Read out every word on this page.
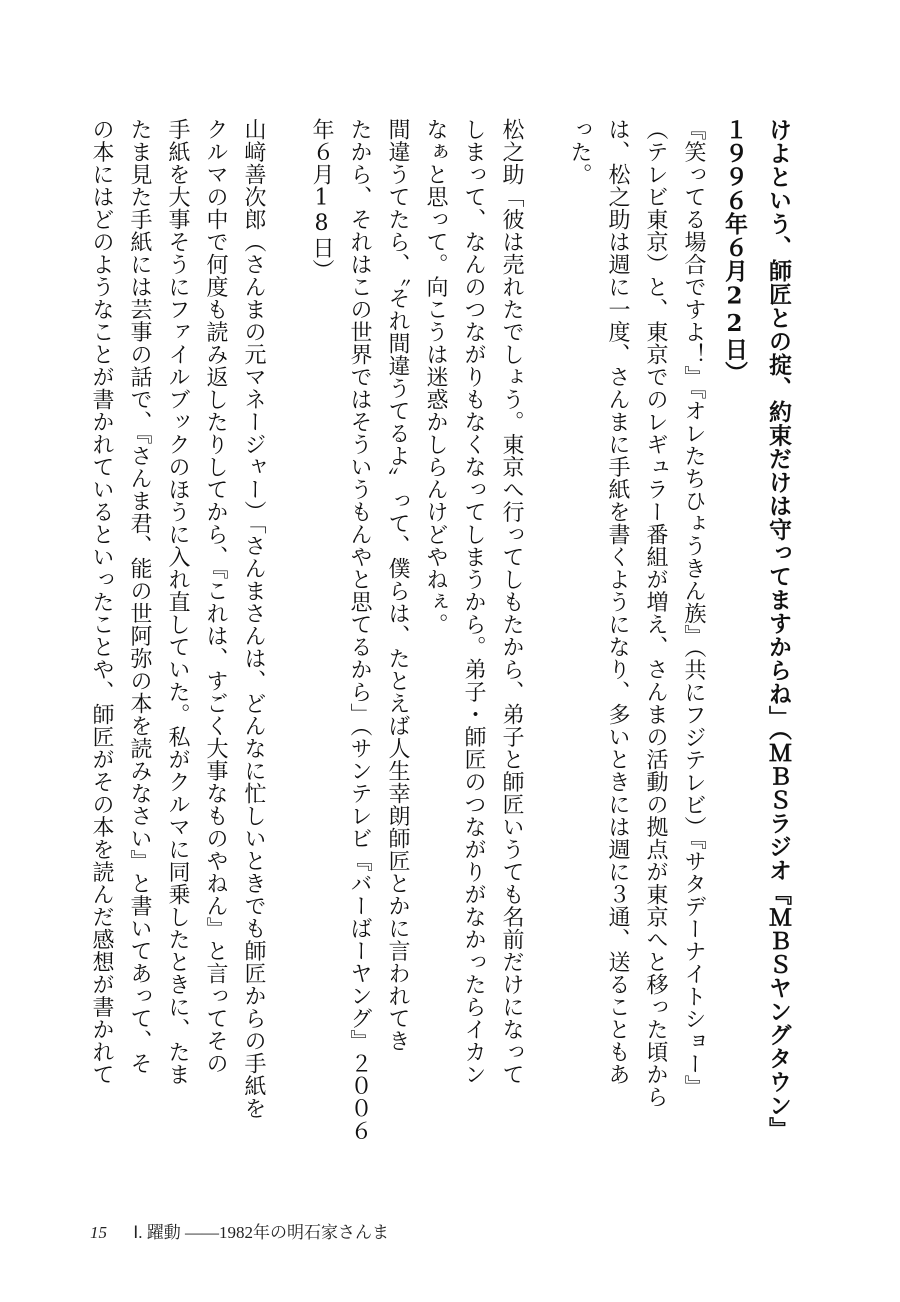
けよという、師匠との掟、約束だけは守ってますからね」（ＭＢＳラジオ『ＭＢＳヤングタウン』
１９９６年６月22日）
『笑ってる場合ですよ！』『オレたちひょうきん族』（共にフジテレビ）『サタデーナイトショー』
（テレビ東京）と、東京でのレギュラー番組が増え、さんまの活動の拠点が東京へと移った頃から
は、松之助は週に一度、さんまに手紙を書くようになり、多いときには週に３通、送ることもあ
った。
松之助「彼は売れたでしょう。東京へ行ってしもたから、弟子と師匠いうても名前だけになって
しまって、なんのつながりもなくなってしまうから。弟子・師匠のつながりがなかったらイカン
なぁと思って。向こうは迷惑かしらんけどやねぇ。
間違うてたら、〝それ間違うてるよ〟って、僕らは、たとえば人生幸朗師匠とかに言われてき
たから、それはこの世界ではそういうもんやと思てるから」（サンテレビ『バーばーヤング』２００６
年６月18日）
山﨑善次郎（さんまの元マネージャー）「さんまさんは、どんなに忙しいときでも師匠からの手紙を
クルマの中で何度も読み返したりしてから、『これは、すごく大事なものやねん』と言ってその
手紙を大事そうにファイルブックのほうに入れ直していた。私がクルマに同乗したときに、たま
たま見た手紙には芸事の話で、『さんま君、能の世阿弥の本を読みなさい』と書いてあって、そ
の本にはどのようなことが書かれているといったことや、師匠がその本を読んだ感想が書かれて
15 Ⅰ. 躍動 ――1982年の明石家さんま
